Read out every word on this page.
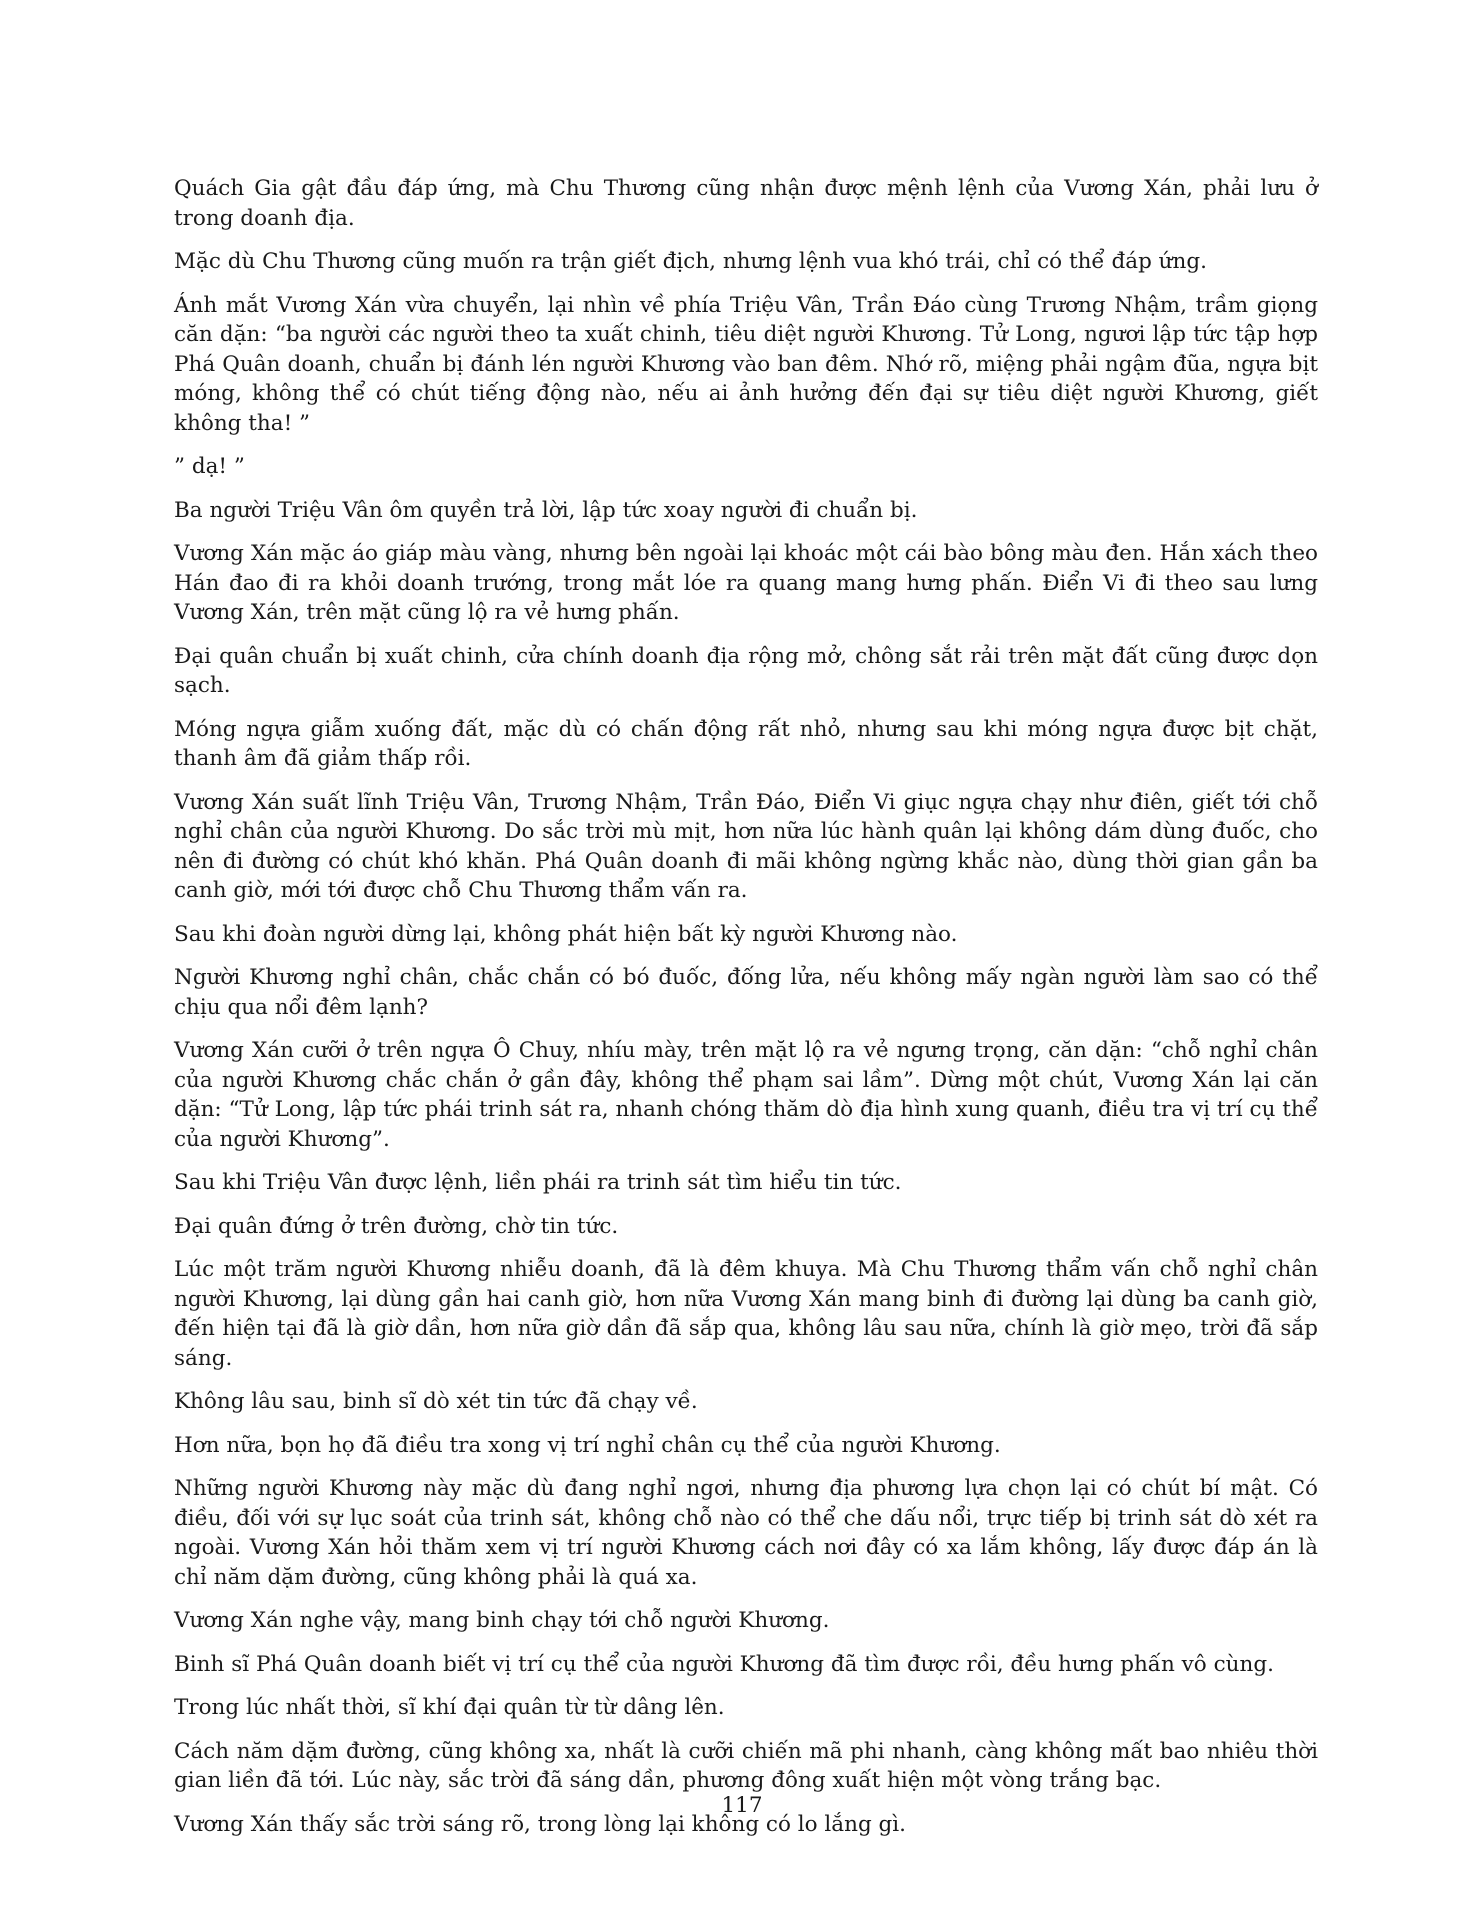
Quách Gia gật đầu đáp ứng, mà Chu Thương cũng nhận được mệnh lệnh của Vương Xán, phải lưu ở trong doanh địa.

Mặc dù Chu Thương cũng muốn ra trận giết địch, nhưng lệnh vua khó trái, chỉ có thể đáp ứng.

Ánh mắt Vương Xán vừa chuyển, lại nhìn về phía Triệu Vân, Trần Đáo cùng Trương Nhậm, trầm giọng căn dặn: “ba người các người theo ta xuất chinh, tiêu diệt người Khương. Tử Long, ngươi lập tức tập hợp Phá Quân doanh, chuẩn bị đánh lén người Khương vào ban đêm. Nhớ rõ, miệng phải ngậm đũa, ngựa bịt móng, không thể có chút tiếng động nào, nếu ai ảnh hưởng đến đại sự tiêu diệt người Khương, giết không tha! ”

” dạ! ”

Ba người Triệu Vân ôm quyền trả lời, lập tức xoay người đi chuẩn bị.

Vương Xán mặc áo giáp màu vàng, nhưng bên ngoài lại khoác một cái bào bông màu đen. Hắn xách theo Hán đao đi ra khỏi doanh trướng, trong mắt lóe ra quang mang hưng phấn. Điển Vi đi theo sau lưng Vương Xán, trên mặt cũng lộ ra vẻ hưng phấn.

Đại quân chuẩn bị xuất chinh, cửa chính doanh địa rộng mở, chông sắt rải trên mặt đất cũng được dọn sạch.

Móng ngựa giẫm xuống đất, mặc dù có chấn động rất nhỏ, nhưng sau khi móng ngựa được bịt chặt, thanh âm đã giảm thấp rồi.

Vương Xán suất lĩnh Triệu Vân, Trương Nhậm, Trần Đáo, Điển Vi giục ngựa chạy như điên, giết tới chỗ nghỉ chân của người Khương. Do sắc trời mù mịt, hơn nữa lúc hành quân lại không dám dùng đuốc, cho nên đi đường có chút khó khăn. Phá Quân doanh đi mãi không ngừng khắc nào, dùng thời gian gần ba canh giờ, mới tới được chỗ Chu Thương thẩm vấn ra.

Sau khi đoàn người dừng lại, không phát hiện bất kỳ người Khương nào.

Người Khương nghỉ chân, chắc chắn có bó đuốc, đống lửa, nếu không mấy ngàn người làm sao có thể chịu qua nổi đêm lạnh?

Vương Xán cưỡi ở trên ngựa Ô Chuy, nhíu mày, trên mặt lộ ra vẻ ngưng trọng, căn dặn: “chỗ nghỉ chân của người Khương chắc chắn ở gần đây, không thể phạm sai lầm”. Dừng một chút, Vương Xán lại căn dặn: “Tử Long, lập tức phái trinh sát ra, nhanh chóng thăm dò địa hình xung quanh, điều tra vị trí cụ thể của người Khương”.

Sau khi Triệu Vân được lệnh, liền phái ra trinh sát tìm hiểu tin tức.

Đại quân đứng ở trên đường, chờ tin tức.

Lúc một trăm người Khương nhiễu doanh, đã là đêm khuya. Mà Chu Thương thẩm vấn chỗ nghỉ chân người Khương, lại dùng gần hai canh giờ, hơn nữa Vương Xán mang binh đi đường lại dùng ba canh giờ, đến hiện tại đã là giờ dần, hơn nữa giờ dần đã sắp qua, không lâu sau nữa, chính là giờ mẹo, trời đã sắp sáng.

Không lâu sau, binh sĩ dò xét tin tức đã chạy về.

Hơn nữa, bọn họ đã điều tra xong vị trí nghỉ chân cụ thể của người Khương.

Những người Khương này mặc dù đang nghỉ ngơi, nhưng địa phương lựa chọn lại có chút bí mật. Có điều, đối với sự lục soát của trinh sát, không chỗ nào có thể che dấu nổi, trực tiếp bị trinh sát dò xét ra ngoài. Vương Xán hỏi thăm xem vị trí người Khương cách nơi đây có xa lắm không, lấy được đáp án là chỉ năm dặm đường, cũng không phải là quá xa.

Vương Xán nghe vậy, mang binh chạy tới chỗ người Khương.

Binh sĩ Phá Quân doanh biết vị trí cụ thể của người Khương đã tìm được rồi, đều hưng phấn vô cùng.

Trong lúc nhất thời, sĩ khí đại quân từ từ dâng lên.

Cách năm dặm đường, cũng không xa, nhất là cưỡi chiến mã phi nhanh, càng không mất bao nhiêu thời gian liền đã tới. Lúc này, sắc trời đã sáng dần, phương đông xuất hiện một vòng trắng bạc.

Vương Xán thấy sắc trời sáng rõ, trong lòng lại không có lo lắng gì.

117
